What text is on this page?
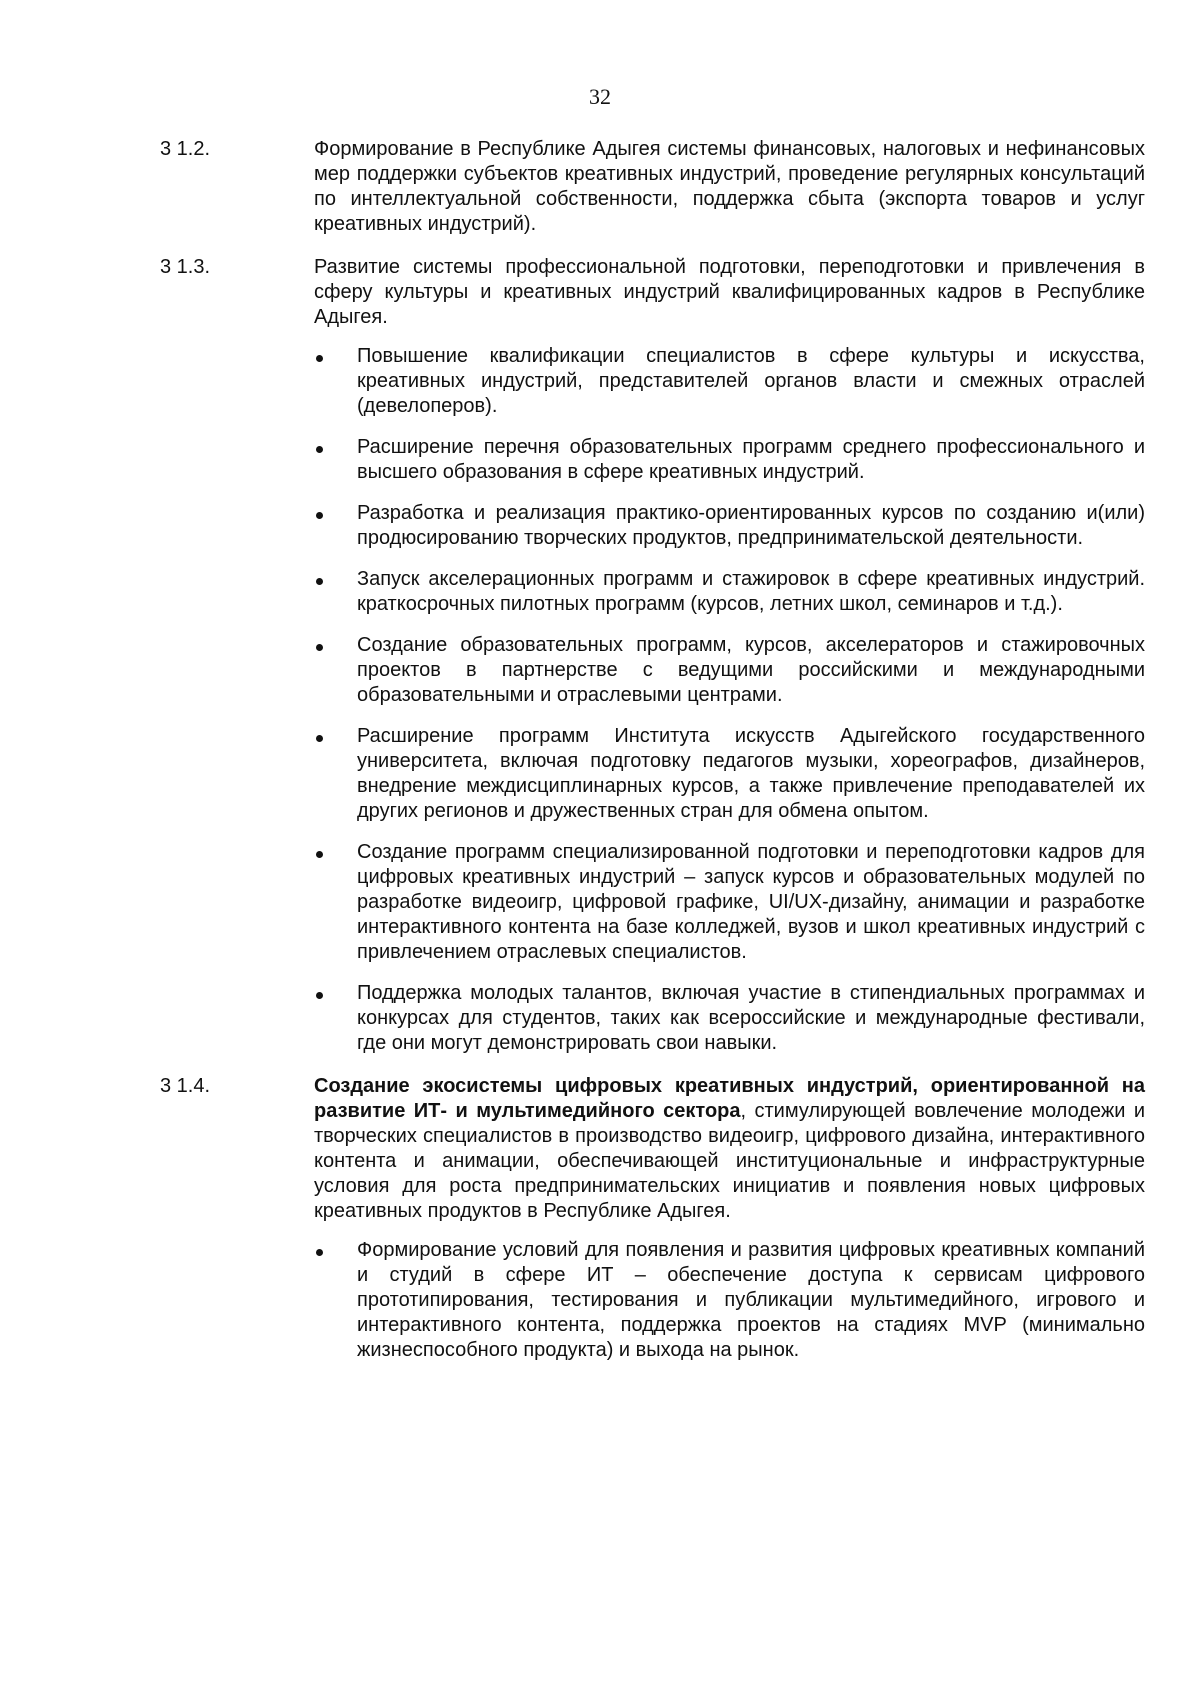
32
3 1.2.	Формирование в Республике Адыгея системы финансовых, налоговых и нефинансовых мер поддержки субъектов креативных индустрий, проведение регулярных консультаций по интеллектуальной собственности, поддержка сбыта (экспорта товаров и услуг креативных индустрий).

3 1.3.	Развитие системы профессиональной подготовки, переподготовки и привлечения в сферу культуры и креативных индустрий квалифицированных кадров в Республике Адыгея.

Повышение квалификации специалистов в сфере культуры и искусства, креативных индустрий, представителей органов власти и смежных отраслей (девелоперов).
Расширение перечня образовательных программ среднего профессионального и высшего образования в сфере креативных индустрий.
Разработка и реализация практико-ориентированных курсов по созданию и(или) продюсированию творческих продуктов, предпринимательской деятельности.
Запуск акселерационных программ и стажировок в сфере креативных индустрий. краткосрочных пилотных программ (курсов, летних школ, семинаров и т.д.).
Создание образовательных программ, курсов, акселераторов и стажировочных проектов в партнерстве с ведущими российскими и международными образовательными и отраслевыми центрами.
Расширение программ Института искусств Адыгейского государственного университета, включая подготовку педагогов музыки, хореографов, дизайнеров, внедрение междисциплинарных курсов, а также привлечение преподавателей их других регионов и дружественных стран для обмена опытом.
Создание программ специализированной подготовки и переподготовки кадров для цифровых креативных индустрий – запуск курсов и образовательных модулей по разработке видеоигр, цифровой графике, UI/UX-дизайну, анимации и разработке интерактивного контента на базе колледжей, вузов и школ креативных индустрий с привлечением отраслевых специалистов.
Поддержка молодых талантов, включая участие в стипендиальных программах и конкурсах для студентов, таких как всероссийские и международные фестивали, где они могут демонстрировать свои навыки.
3 1.4.	Создание экосистемы цифровых креативных индустрий, ориентированной на развитие ИТ- и мультимедийного сектора, стимулирующей вовлечение молодежи и творческих специалистов в производство видеоигр, цифрового дизайна, интерактивного контента и анимации, обеспечивающей институциональные и инфраструктурные условия для роста предпринимательских инициатив и появления новых цифровых креативных продуктов в Республике Адыгея.

Формирование условий для появления и развития цифровых креативных компаний и студий в сфере ИТ – обеспечение доступа к сервисам цифрового прототипирования, тестирования и публикации мультимедийного, игрового и интерактивного контента, поддержка проектов на стадиях MVP (минимально жизнеспособного продукта) и выхода на рынок.
